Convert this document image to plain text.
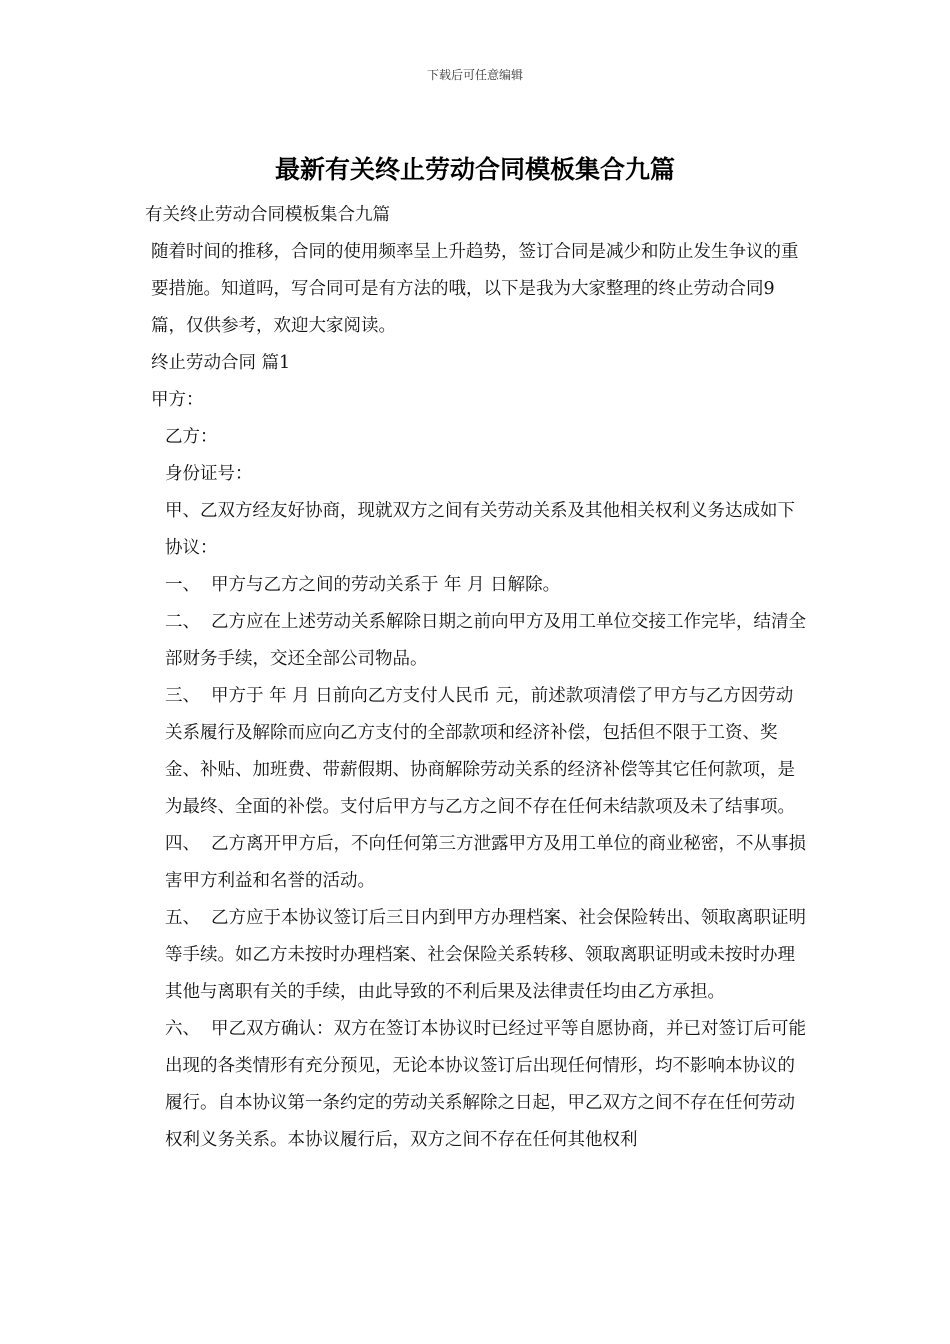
下载后可任意编辑
最新有关终止劳动合同模板集合九篇

有关终止劳动合同模板集合九篇

随着时间的推移，合同的使用频率呈上升趋势，签订合同是减少和防止发生争议的重要措施。知道吗，写合同可是有方法的哦，以下是我为大家整理的终止劳动合同9篇，仅供参考，欢迎大家阅读。

终止劳动合同 篇1

甲方：

乙方：

身份证号：

甲、乙双方经友好协商，现就双方之间有关劳动关系及其他相关权利义务达成如下协议：

一、 甲方与乙方之间的劳动关系于 年 月 日解除。

二、 乙方应在上述劳动关系解除日期之前向甲方及用工单位交接工作完毕，结清全部财务手续，交还全部公司物品。

三、 甲方于 年 月 日前向乙方支付人民币 元，前述款项清偿了甲方与乙方因劳动关系履行及解除而应向乙方支付的全部款项和经济补偿，包括但不限于工资、奖金、补贴、加班费、带薪假期、协商解除劳动关系的经济补偿等其它任何款项，是为最终、全面的补偿。支付后甲方与乙方之间不存在任何未结款项及未了结事项。

四、 乙方离开甲方后，不向任何第三方泄露甲方及用工单位的商业秘密，不从事损害甲方利益和名誉的活动。

五、 乙方应于本协议签订后三日内到甲方办理档案、社会保险转出、领取离职证明等手续。如乙方未按时办理档案、社会保险关系转移、领取离职证明或未按时办理其他与离职有关的手续，由此导致的不利后果及法律责任均由乙方承担。

六、 甲乙双方确认：双方在签订本协议时已经过平等自愿协商，并已对签订后可能出现的各类情形有充分预见，无论本协议签订后出现任何情形，均不影响本协议的履行。自本协议第一条约定的劳动关系解除之日起，甲乙双方之间不存在任何劳动权利义务关系。本协议履行后，双方之间不存在任何其他权利
